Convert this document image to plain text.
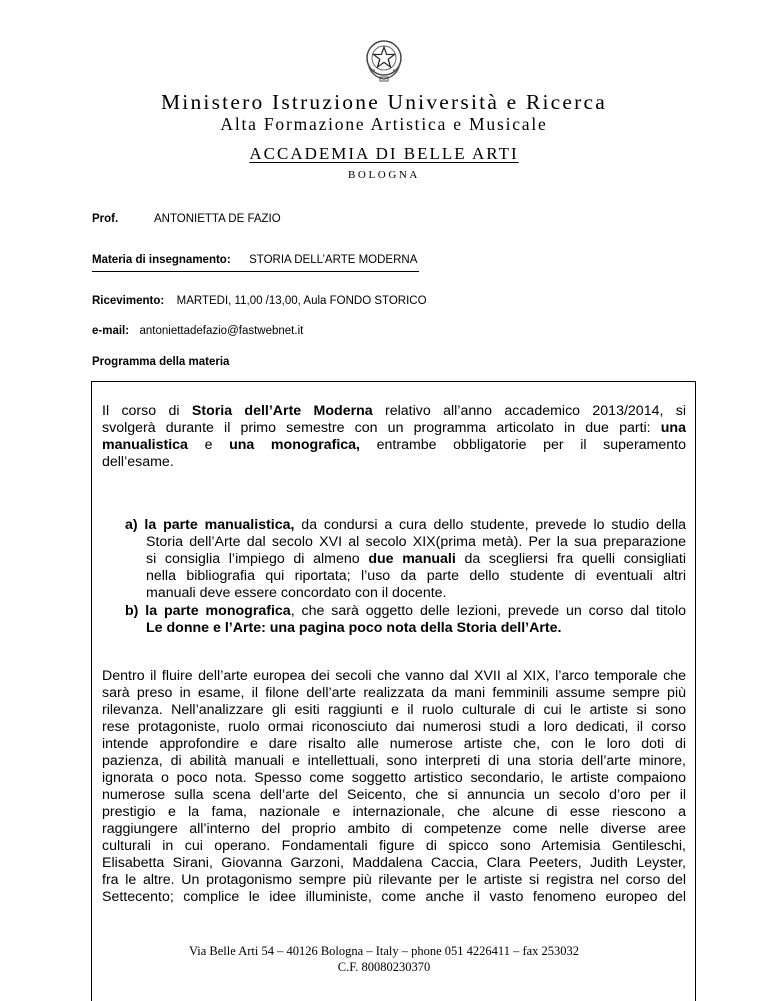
Ministero Istruzione Università e Ricerca
Alta Formazione Artistica e Musicale
ACCADEMIA DI BELLE ARTI
BOLOGNA
Prof.	ANTONIETTA DE FAZIO
Materia di insegnamento: STORIA DELL’ARTE MODERNA
Ricevimento: MARTEDI, 11,00 /13,00, Aula FONDO STORICO
e-mail: antoniettadefazio@fastwebnet.it
Programma della materia
Il corso di Storia dell’Arte Moderna relativo all’anno accademico 2013/2014, si
svolgerà durante il primo semestre con un programma articolato in due parti: una
manualistica e una monografica, entrambe obbligatorie per il superamento
dell’esame.
a) la parte manualistica, da condursi a cura dello studente, prevede lo studio della
Storia dell’Arte dal secolo XVI al secolo XIX(prima metà). Per la sua preparazione
si consiglia l’impiego di almeno due manuali da scegliersi fra quelli consigliati
nella bibliografia qui riportata; l’uso da parte dello studente di eventuali altri
manuali deve essere concordato con il docente.
b) la parte monografica, che sarà oggetto delle lezioni, prevede un corso dal titolo
Le donne e l’Arte: una pagina poco nota della Storia dell’Arte.
Dentro il fluire dell’arte europea dei secoli che vanno dal XVII al XIX, l’arco temporale che
sarà preso in esame, il filone dell’arte realizzata da mani femminili assume sempre più
rilevanza. Nell’analizzare gli esiti raggiunti e il ruolo culturale di cui le artiste si sono
rese protagoniste, ruolo ormai riconosciuto dai numerosi studi a loro dedicati, il corso
intende approfondire e dare risalto alle numerose artiste che, con le loro doti di
pazienza, di abilità manuali e intellettuali, sono interpreti di una storia dell’arte minore,
ignorata o poco nota. Spesso come soggetto artistico secondario, le artiste compaiono
numerose sulla scena dell’arte del Seicento, che si annuncia un secolo d’oro per il
prestigio e la fama, nazionale e internazionale, che alcune di esse riescono a
raggiungere all’interno del proprio ambito di competenze come nelle diverse aree
culturali in cui operano. Fondamentali figure di spicco sono Artemisia Gentileschi,
Elisabetta Sirani, Giovanna Garzoni, Maddalena Caccia, Clara Peeters, Judith Leyster,
fra le altre. Un protagonismo sempre più rilevante per le artiste si registra nel corso del
Settecento; complice le idee illuministe, come anche il vasto fenomeno europeo del
Via Belle Arti 54 – 40126 Bologna – Italy – phone 051 4226411 – fax 253032
C.F. 80080230370
